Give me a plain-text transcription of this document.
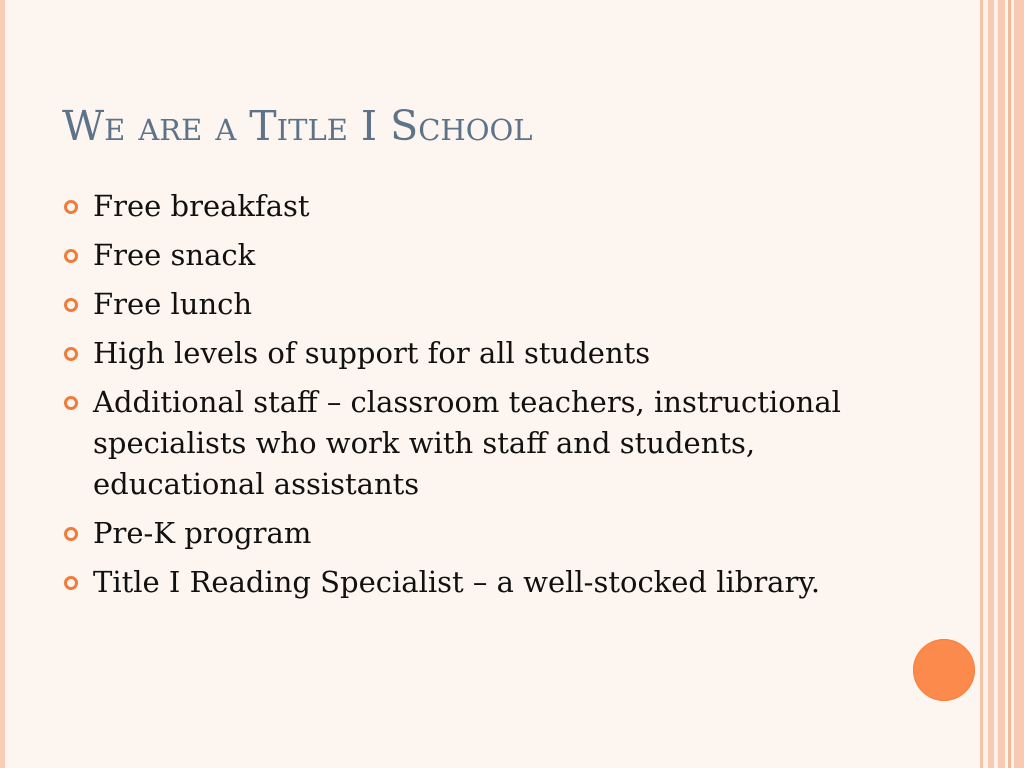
We are a Title I School
Free breakfast
Free snack
Free lunch
High levels of support for all students
Additional staff – classroom teachers, instructional specialists who work with staff and students, educational assistants
Pre-K program
Title I Reading Specialist – a well-stocked library.
